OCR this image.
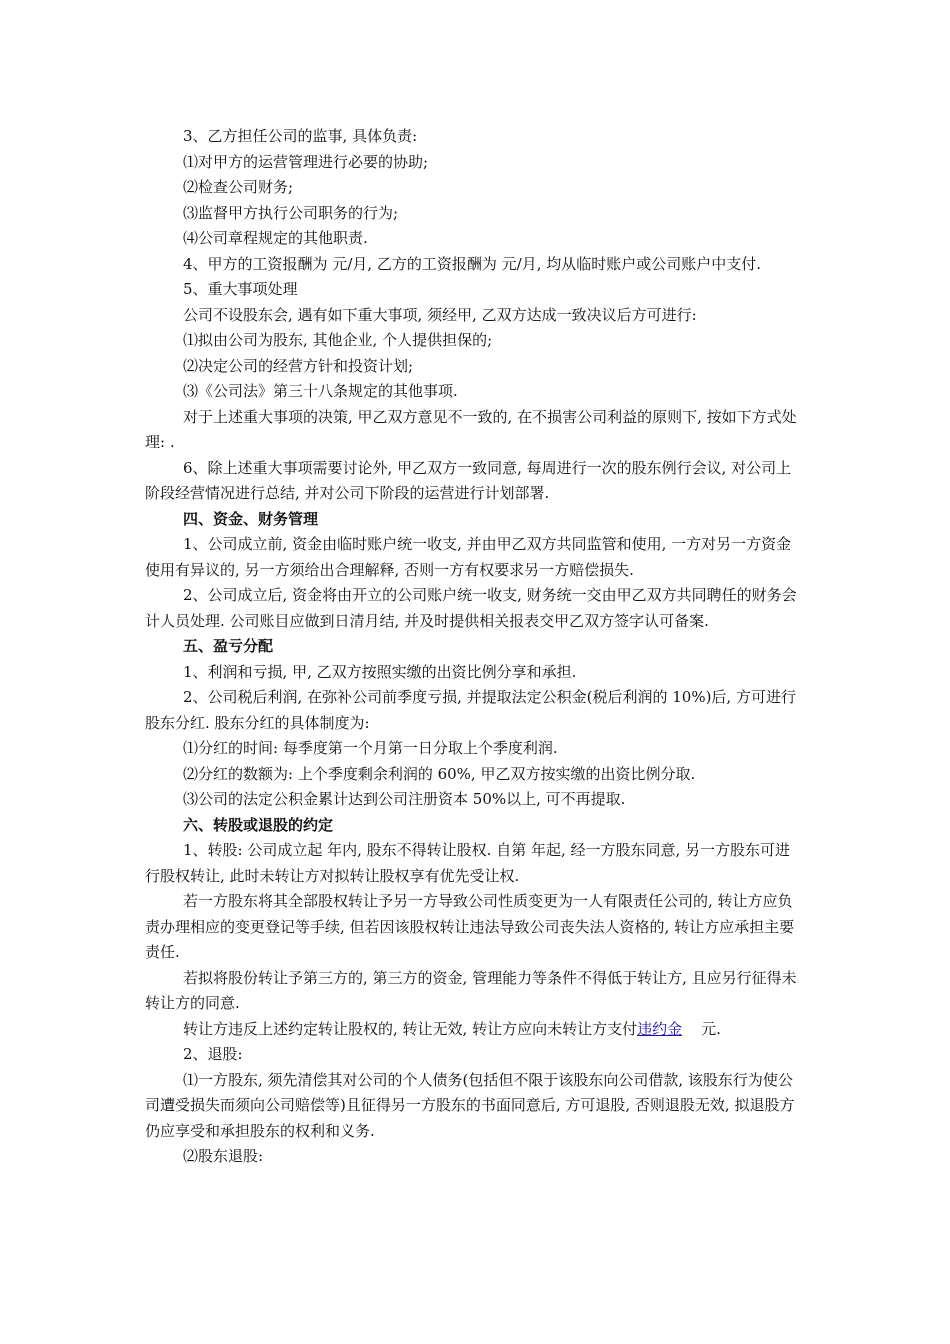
3、乙方担任公司的监事, 具体负责:

⑴对甲方的运营管理进行必要的协助;

⑵检查公司财务;

⑶监督甲方执行公司职务的行为;

⑷公司章程规定的其他职责.

4、甲方的工资报酬为 元/月, 乙方的工资报酬为 元/月, 均从临时账户或公司账户中支付.

5、重大事项处理

公司不设股东会, 遇有如下重大事项, 须经甲, 乙双方达成一致决议后方可进行:

⑴拟由公司为股东, 其他企业, 个人提供担保的;

⑵决定公司的经营方针和投资计划;

⑶《公司法》第三十八条规定的其他事项.

对于上述重大事项的决策, 甲乙双方意见不一致的, 在不损害公司利益的原则下, 按如下方式处理: .

6、除上述重大事项需要讨论外, 甲乙双方一致同意, 每周进行一次的股东例行会议, 对公司上阶段经营情况进行总结, 并对公司下阶段的运营进行计划部署.

四、资金、财务管理

1、公司成立前, 资金由临时账户统一收支, 并由甲乙双方共同监管和使用, 一方对另一方资金使用有异议的, 另一方须给出合理解释, 否则一方有权要求另一方赔偿损失.

2、公司成立后, 资金将由开立的公司账户统一收支, 财务统一交由甲乙双方共同聘任的财务会计人员处理. 公司账目应做到日清月结, 并及时提供相关报表交甲乙双方签字认可备案.

五、盈亏分配

1、利润和亏损, 甲, 乙双方按照实缴的出资比例分享和承担.

2、公司税后利润, 在弥补公司前季度亏损, 并提取法定公积金(税后利润的 10%)后, 方可进行股东分红. 股东分红的具体制度为:

⑴分红的时间: 每季度第一个月第一日分取上个季度利润.

⑵分红的数额为: 上个季度剩余利润的 60%, 甲乙双方按实缴的出资比例分取.

⑶公司的法定公积金累计达到公司注册资本 50%以上, 可不再提取.

六、转股或退股的约定

1、转股: 公司成立起 年内, 股东不得转让股权. 自第 年起, 经一方股东同意, 另一方股东可进行股权转让, 此时未转让方对拟转让股权享有优先受让权.

若一方股东将其全部股权转让予另一方导致公司性质变更为一人有限责任公司的, 转让方应负责办理相应的变更登记等手续, 但若因该股权转让违法导致公司丧失法人资格的, 转让方应承担主要责任.

若拟将股份转让予第三方的, 第三方的资金, 管理能力等条件不得低于转让方, 且应另行征得未转让方的同意.

转让方违反上述约定转让股权的, 转让无效, 转让方应向未转让方支付违约金    元.

2、退股:

⑴一方股东, 须先清偿其对公司的个人债务(包括但不限于该股东向公司借款, 该股东行为使公司遭受损失而须向公司赔偿等)且征得另一方股东的书面同意后, 方可退股, 否则退股无效, 拟退股方仍应享受和承担股东的权利和义务.

⑵股东退股:
